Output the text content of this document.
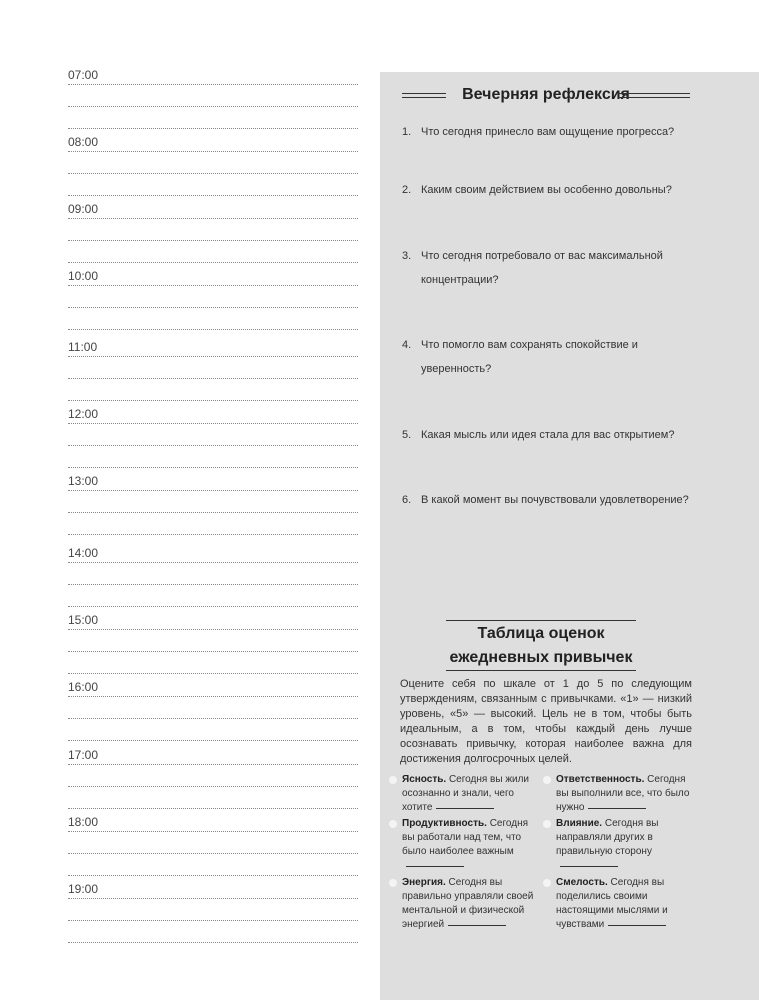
07:00
08:00
09:00
10:00
11:00
12:00
13:00
14:00
15:00
16:00
17:00
18:00
19:00
Вечерняя рефлексия
1. Что сегодня принесло вам ощущение прогресса?
2. Каким своим действием вы особенно довольны?
3. Что сегодня потребовало от вас максимальной концентрации?
4. Что помогло вам сохранять спокойствие и уверенность?
5. Какая мысль или идея стала для вас открытием?
6. В какой момент вы почувствовали удовлетворение?
Таблица оценок
ежедневных привычек
Оцените себя по шкале от 1 до 5 по следующим утверждениям, связанным с привычками. «1» — низкий уровень, «5» — высокий. Цель не в том, чтобы быть идеальным, а в том, чтобы каждый день лучше осознавать привычку, которая наиболее важна для достижения долгосрочных целей.
Ясность. Сегодня вы жили осознанно и знали, чего хотите
Ответственность. Сегодня вы выполнили все, что было нужно
Продуктивность. Сегодня вы работали над тем, что было наиболее важным
Влияние. Сегодня вы направляли других в правильную сторону
Энергия. Сегодня вы правильно управляли своей ментальной и физической энергией
Смелость. Сегодня вы поделились своими настоящими мыслями и чувствами
